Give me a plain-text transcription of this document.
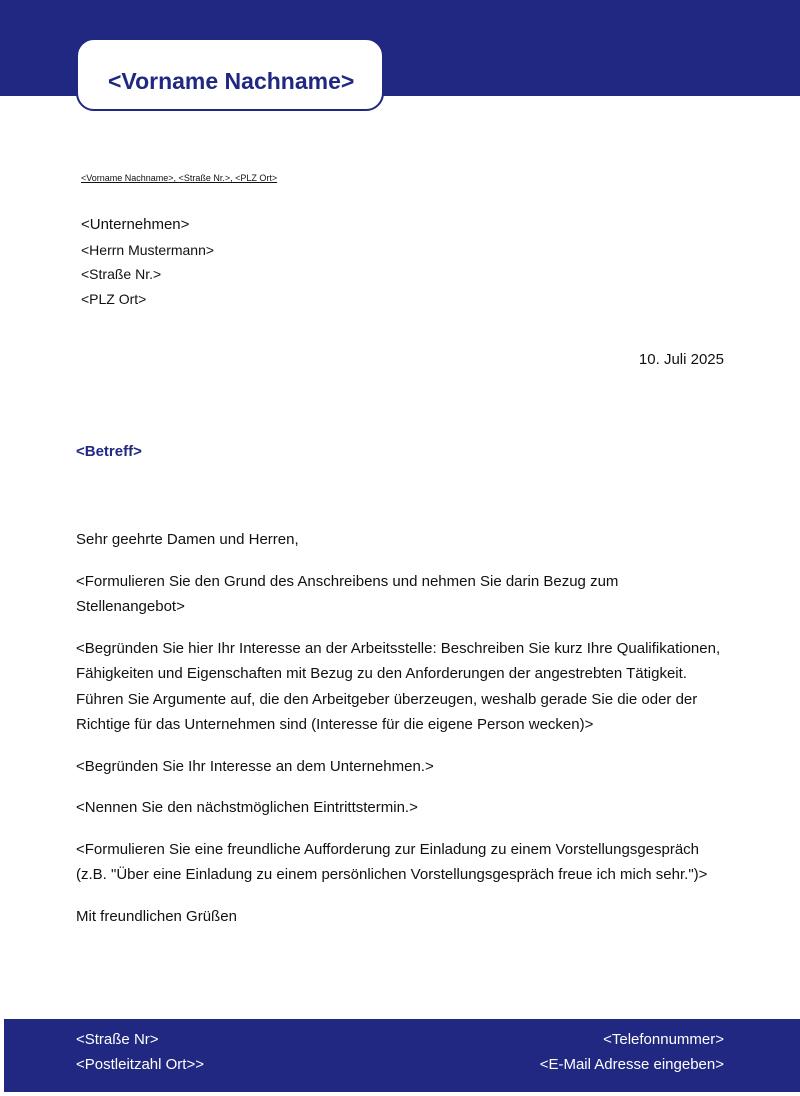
<Vorname Nachname>
<Vorname Nachname>, <Straße Nr.>, <PLZ Ort>
<Unternehmen>
<Herrn Mustermann>
<Straße Nr.>
<PLZ Ort>
10. Juli 2025
<Betreff>

Sehr geehrte Damen und Herren,

<Formulieren Sie den Grund des Anschreibens und nehmen Sie darin Bezug zum Stellenangebot>

<Begründen Sie hier Ihr Interesse an der Arbeitsstelle: Beschreiben Sie kurz Ihre Qualifikationen, Fähigkeiten und Eigenschaften mit Bezug zu den Anforderungen der angestrebten Tätigkeit. Führen Sie Argumente auf, die den Arbeitgeber überzeugen, weshalb gerade Sie die oder der Richtige für das Unternehmen sind (Interesse für die eigene Person wecken)>

<Begründen Sie Ihr Interesse an dem Unternehmen.>

<Nennen Sie den nächstmöglichen Eintrittstermin.>

<Formulieren Sie eine freundliche Aufforderung zur Einladung zu einem Vorstellungsgespräch (z.B. "Über eine Einladung zu einem persönlichen Vorstellungsgespräch freue ich mich sehr.")>

Mit freundlichen Grüßen

<Straße Nr>
<Postleitzahl Ort>>
<Telefonnummer>
<E-Mail Adresse eingeben>
